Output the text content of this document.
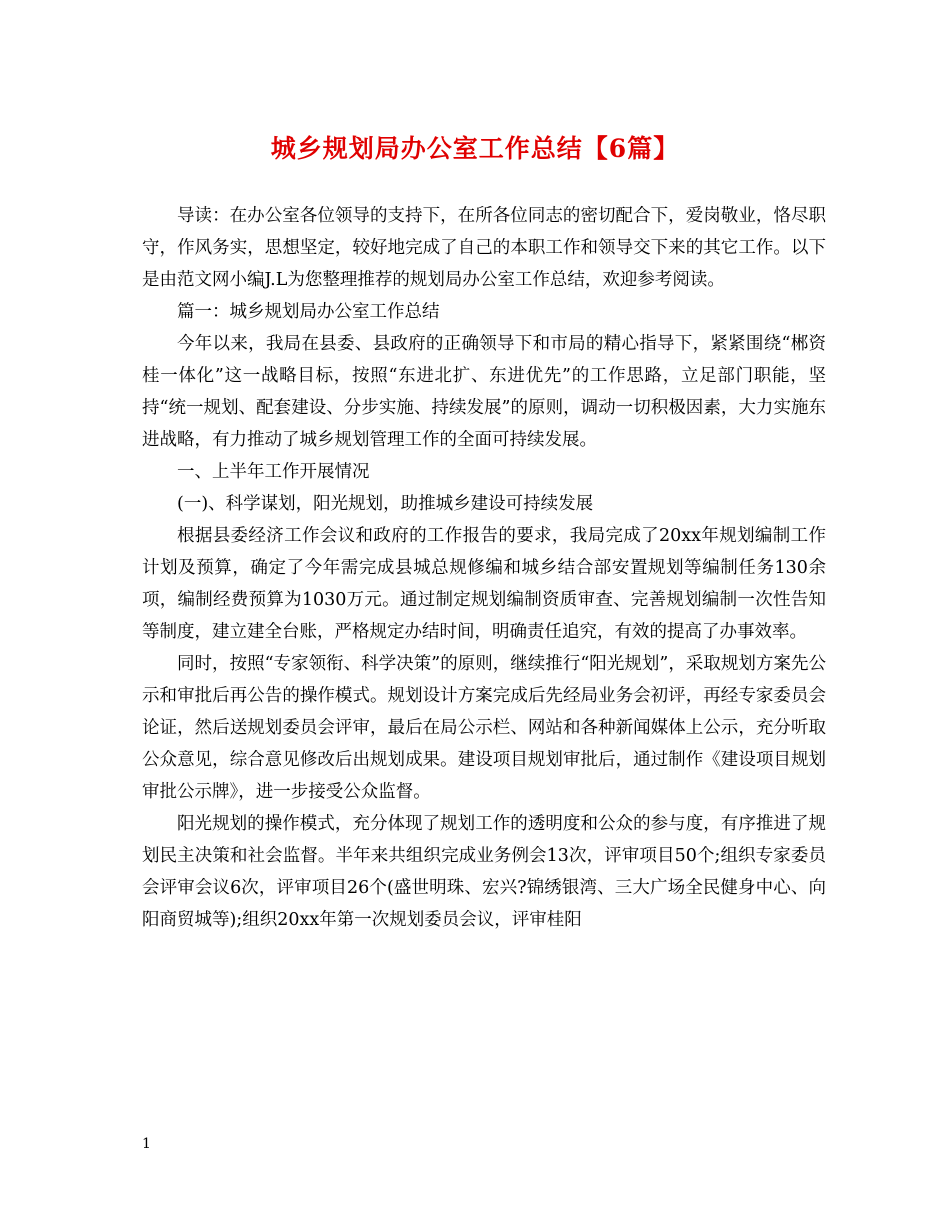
城乡规划局办公室工作总结【6篇】

导读：在办公室各位领导的支持下，在所各位同志的密切配合下，爱岗敬业，恪尽职守，作风务实，思想坚定，较好地完成了自己的本职工作和领导交下来的其它工作。以下是由范文网小编J.L为您整理推荐的规划局办公室工作总结，欢迎参考阅读。

篇一：城乡规划局办公室工作总结

今年以来，我局在县委、县政府的正确领导下和市局的精心指导下，紧紧围绕“郴资桂一体化”这一战略目标，按照“东进北扩、东进优先”的工作思路，立足部门职能，坚持“统一规划、配套建设、分步实施、持续发展”的原则，调动一切积极因素，大力实施东进战略，有力推动了城乡规划管理工作的全面可持续发展。

一、上半年工作开展情况

(一)、科学谋划，阳光规划，助推城乡建设可持续发展

根据县委经济工作会议和政府的工作报告的要求，我局完成了20xx年规划编制工作计划及预算，确定了今年需完成县城总规修编和城乡结合部安置规划等编制任务130余项，编制经费预算为1030万元。通过制定规划编制资质审查、完善规划编制一次性告知等制度，建立建全台账，严格规定办结时间，明确责任追究，有效的提高了办事效率。

同时，按照“专家领衔、科学决策”的原则，继续推行“阳光规划”，采取规划方案先公示和审批后再公告的操作模式。规划设计方案完成后先经局业务会初评，再经专家委员会论证，然后送规划委员会评审，最后在局公示栏、网站和各种新闻媒体上公示，充分听取公众意见，综合意见修改后出规划成果。建设项目规划审批后，通过制作《建设项目规划审批公示牌》，进一步接受公众监督。

阳光规划的操作模式，充分体现了规划工作的透明度和公众的参与度，有序推进了规划民主决策和社会监督。半年来共组织完成业务例会13次，评审项目50个;组织专家委员会评审会议6次，评审项目26个(盛世明珠、宏兴?锦绣银湾、三大广场全民健身中心、向阳商贸城等);组织20xx年第一次规划委员会议，评审桂阳

1
